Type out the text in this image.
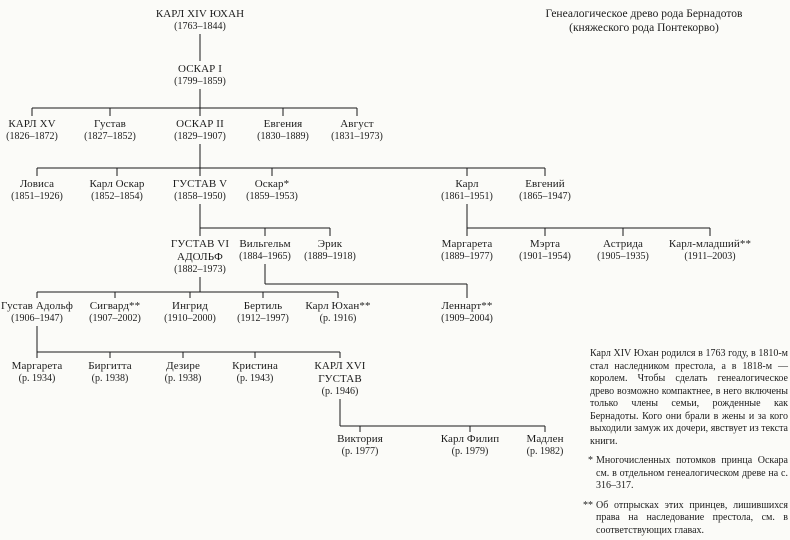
Генеалогическое древо рода Бернадотов
(княжеского рода Понтекорво)
КАРЛ XIV ЮХАН
(1763–1844)
ОСКАР I
(1799–1859)
КАРЛ XV
(1826–1872)
Густав
(1827–1852)
ОСКАР II
(1829–1907)
Евгения
(1830–1889)
Август
(1831–1973)
Ловиса
(1851–1926)
Карл Оскар
(1852–1854)
ГУСТАВ V
(1858–1950)
Оскар*
(1859–1953)
Карл
(1861–1951)
Евгений
(1865–1947)
ГУСТАВ VI АДОЛЬФ
(1882–1973)
Вильгельм
(1884–1965)
Эрик
(1889–1918)
Маргарета
(1889–1977)
Мэрта
(1901–1954)
Астрида
(1905–1935)
Карл-младший**
(1911–2003)
Густав Адольф
(1906–1947)
Сигвард**
(1907–2002)
Ингрид
(1910–2000)
Бертиль
(1912–1997)
Карл Юхан**
(р. 1916)
Леннарт**
(1909–2004)
Маргарета
(р. 1934)
Биргитта
(р. 1938)
Дезире
(р. 1938)
Кристина
(р. 1943)
КАРЛ XVI ГУСТАВ
(р. 1946)
Виктория
(р. 1977)
Карл Филип
(р. 1979)
Мадлен
(р. 1982)
Карл XIV Юхан родился в 1763 году, в 1810-м стал наследником престола, а в 1818-м — королем. Чтобы сделать генеалогическое древо возможно компактнее, в него включены только члены семьи, рожденные как Бернадоты. Кого они брали в жены и за кого выходили замуж их дочери, явствует из текста книги.
* Многочисленных потомков принца Оскара см. в отдельном генеалогическом древе на с. 316–317.
** Об отпрысках этих принцев, лишившихся права на наследование престола, см. в соответствующих главах.
